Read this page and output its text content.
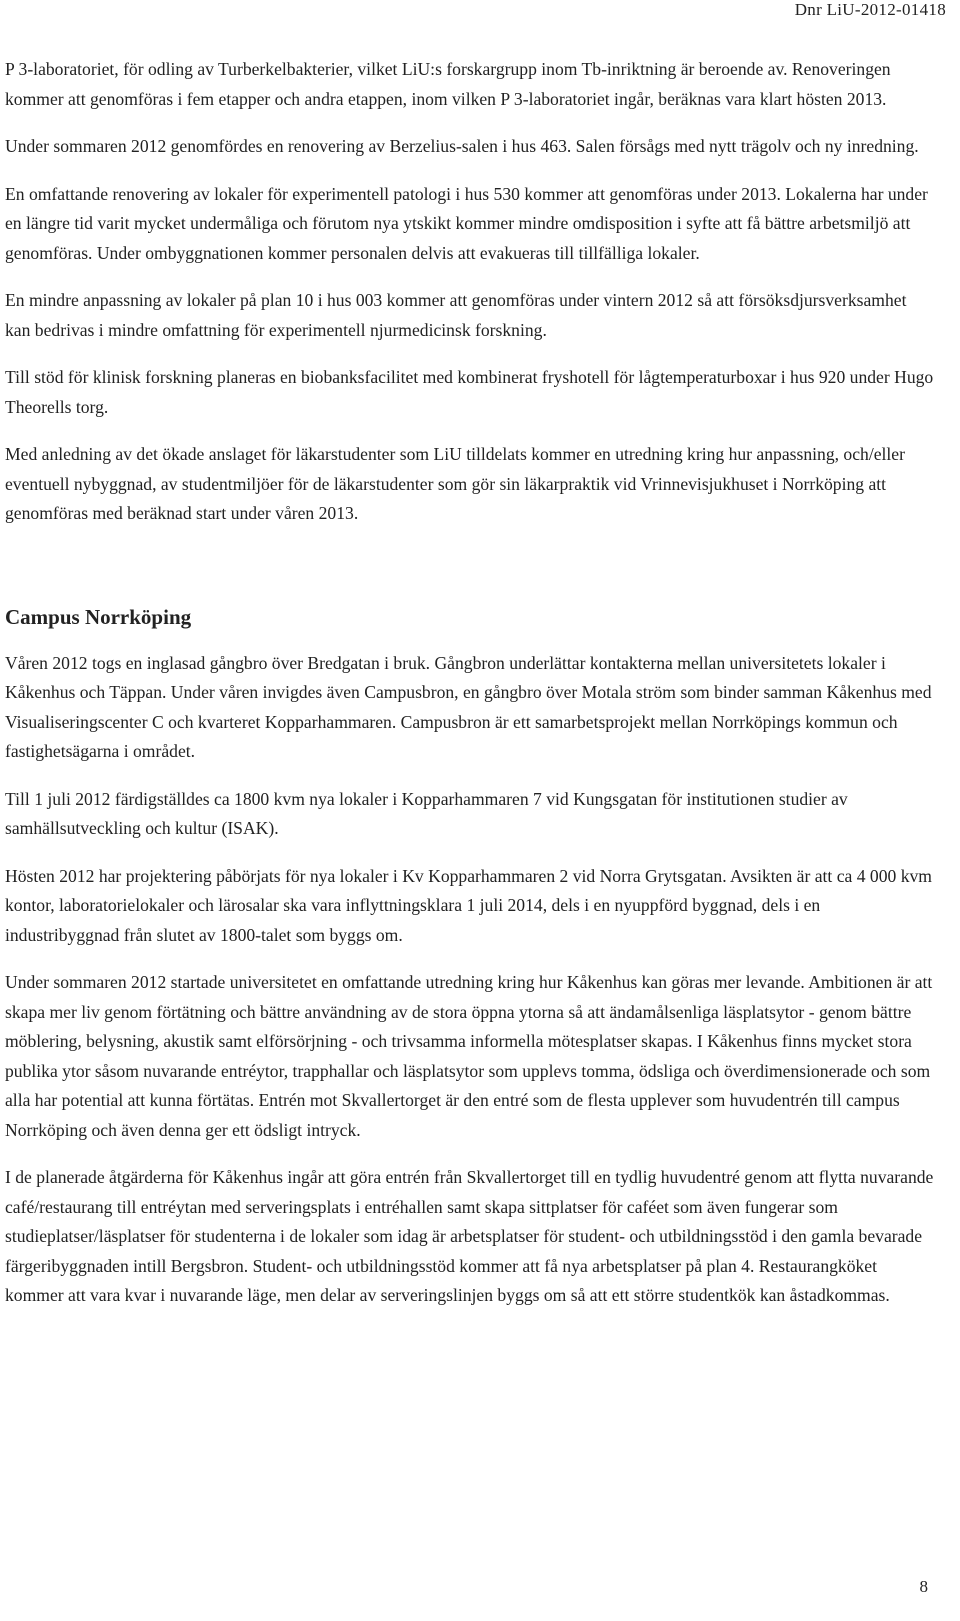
Dnr LiU-2012-01418

P 3-laboratoriet, för odling av Turberkelbakterier, vilket LiU:s forskargrupp inom Tb-inriktning är beroende av. Renoveringen kommer att genomföras i fem etapper och andra etappen, inom vilken P 3-laboratoriet ingår, beräknas vara klart hösten 2013.

Under sommaren 2012 genomfördes en renovering av Berzelius-salen i hus 463. Salen försågs med nytt trägolv och ny inredning.

En omfattande renovering av lokaler för experimentell patologi i hus 530 kommer att genomföras under 2013. Lokalerna har under en längre tid varit mycket undermåliga och förutom nya ytskikt kommer mindre omdisposition i syfte att få bättre arbetsmiljö att genomföras. Under ombyggnationen kommer personalen delvis att evakueras till tillfälliga lokaler.

En mindre anpassning av lokaler på plan 10 i hus 003 kommer att genomföras under vintern 2012 så att försöksdjursverksamhet kan bedrivas i mindre omfattning för experimentell njurmedicinsk forskning.

Till stöd för klinisk forskning planeras en biobanksfacilitet med kombinerat fryshotell för lågtemperaturboxar i hus 920 under Hugo Theorells torg.

Med anledning av det ökade anslaget för läkarstudenter som LiU tilldelats kommer en utredning kring hur anpassning, och/eller eventuell nybyggnad, av studentmiljöer för de läkarstudenter som gör sin läkarpraktik vid Vrinnevisjukhuset i Norrköping att genomföras med beräknad start under våren 2013.

Campus Norrköping

Våren 2012 togs en inglasad gångbro över Bredgatan i bruk. Gångbron underlättar kontakterna mellan universitetets lokaler i Kåkenhus och Täppan. Under våren invigdes även Campusbron, en gångbro över Motala ström som binder samman Kåkenhus med Visualiseringscenter C och kvarteret Kopparhammaren. Campusbron är ett samarbetsprojekt mellan Norrköpings kommun och fastighetsägarna i området.

Till 1 juli 2012 färdigställdes ca 1800 kvm nya lokaler i Kopparhammaren 7 vid Kungsgatan för institutionen studier av samhällsutveckling och kultur (ISAK).

Hösten 2012 har projektering påbörjats för nya lokaler i Kv Kopparhammaren 2 vid Norra Grytsgatan. Avsikten är att ca 4 000 kvm kontor, laboratorielokaler och lärosalar ska vara inflyttningsklara 1 juli 2014, dels i en nyuppförd byggnad, dels i en industribyggnad från slutet av 1800-talet som byggs om.

Under sommaren 2012 startade universitetet en omfattande utredning kring hur Kåkenhus kan göras mer levande. Ambitionen är att skapa mer liv genom förtätning och bättre användning av de stora öppna ytorna så att ändamålsenliga läsplatsytor - genom bättre möblering, belysning, akustik samt elförsörjning - och trivsamma informella mötesplatser skapas. I Kåkenhus finns mycket stora publika ytor såsom nuvarande entréytor, trapphallar och läsplatsytor som upplevs tomma, ödsliga och överdimensionerade och som alla har potential att kunna förtätas. Entrén mot Skvallertorget är den entré som de flesta upplever som huvudentrén till campus Norrköping och även denna ger ett ödsligt intryck.

I de planerade åtgärderna för Kåkenhus ingår att göra entrén från Skvallertorget till en tydlig huvudentré genom att flytta nuvarande café/restaurang till entréytan med serveringsplats i entréhallen samt skapa sittplatser för caféet som även fungerar som studieplatser/läsplatser för studenterna i de lokaler som idag är arbetsplatser för student- och utbildningsstöd i den gamla bevarade färgeribyggnaden intill Bergsbron. Student- och utbildningsstöd kommer att få nya arbetsplatser på plan 4. Restaurangköket kommer att vara kvar i nuvarande läge, men delar av serveringslinjen byggs om så att ett större studentkök kan åstadkommas.

8
